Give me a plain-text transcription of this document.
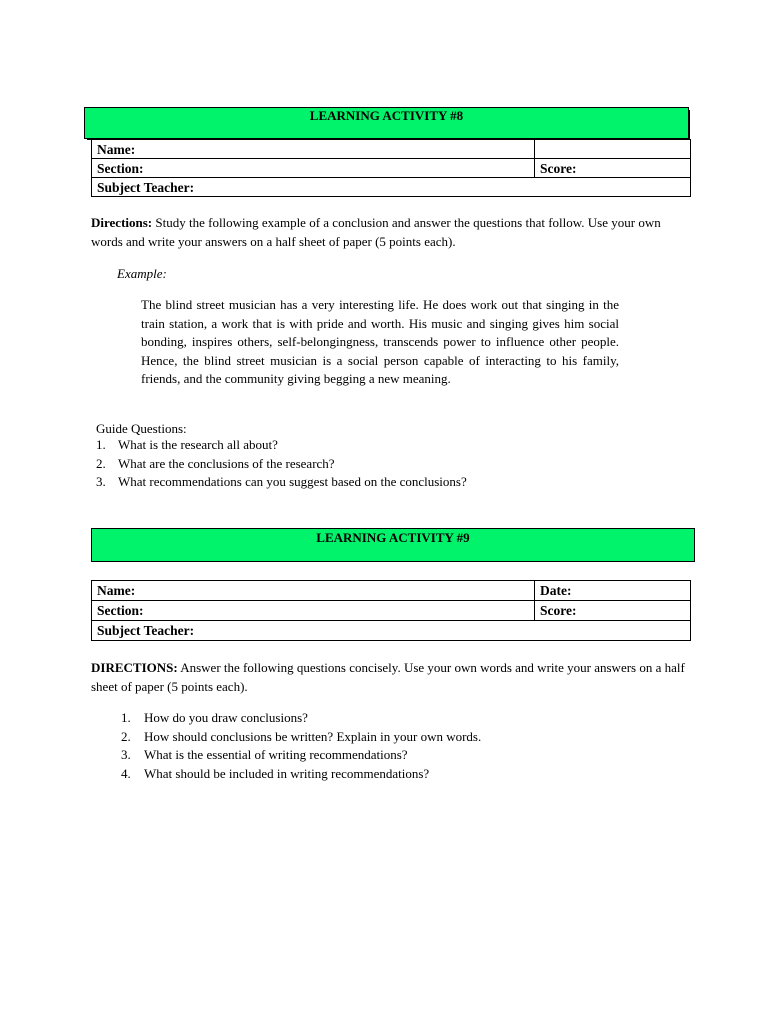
LEARNING ACTIVITY #8
Name:	
Section:	Score:
Subject Teacher:	
Directions: Study the following example of a conclusion and answer the questions that follow. Use your own words and write your answers on a half sheet of paper (5 points each).
Example:
The blind street musician has a very interesting life. He does work out that singing in the train station, a work that is with pride and worth. His music and singing gives him social bonding, inspires others, self-belongingness, transcends power to influence other people. Hence, the blind street musician is a social person capable of interacting to his family, friends, and the community giving begging a new meaning.
Guide Questions:
1. What is the research all about?
2. What are the conclusions of the research?
3. What recommendations can you suggest based on the conclusions?
LEARNING ACTIVITY #9
Name:	Date:
Section:	Score:
Subject Teacher:	
DIRECTIONS: Answer the following questions concisely. Use your own words and write your answers on a half sheet of paper (5 points each).
1.	How do you draw conclusions?
2.	How should conclusions be written? Explain in your own words.
3.	What is the essential of writing recommendations?
4.	What should be included in writing recommendations?
